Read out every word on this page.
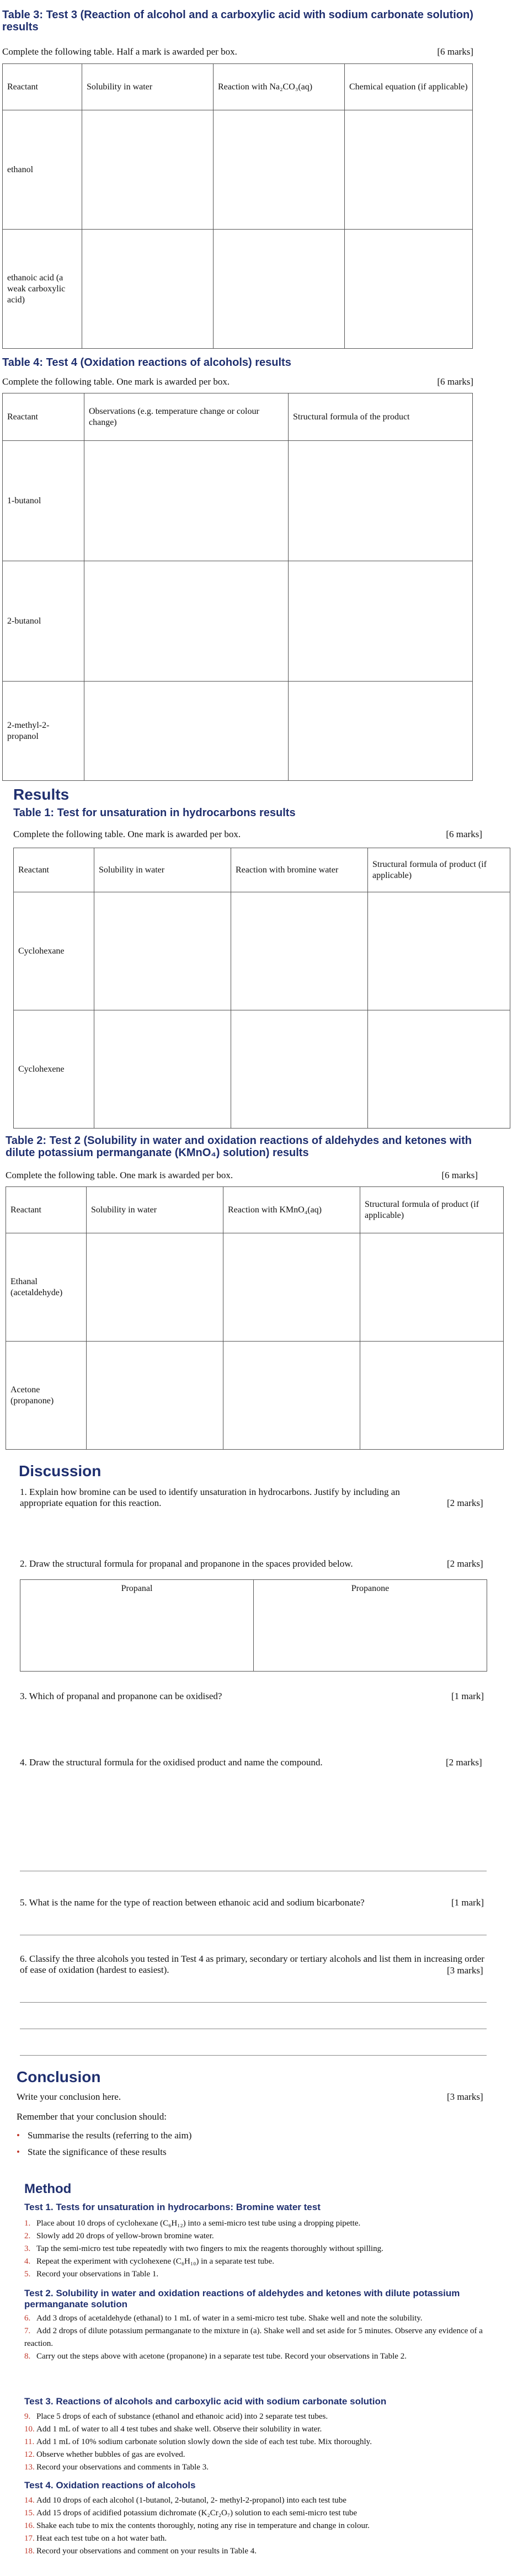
Table 3: Test 3 (Reaction of alcohol and a carboxylic acid with sodium carbonate solution) results
Complete the following table. Half a mark is awarded per box.	[6 marks]
Reactant	Solubility in water	Reaction with Na₂CO₃(aq)	Chemical equation (if applicable)
ethanol			
ethanoic acid (a weak carboxylic acid)			
Table 4: Test 4 (Oxidation reactions of alcohols) results
Complete the following table. One mark is awarded per box.	[6 marks]
Reactant	Observations (e.g. temperature change or colour change)	Structural formula of the product
1-butanol		
2-butanol		
2-methyl-2-propanol		
Results
Table 1: Test for unsaturation in hydrocarbons results
Complete the following table. One mark is awarded per box.	[6 marks]
Reactant	Solubility in water	Reaction with bromine water	Structural formula of product (if applicable)
Cyclohexane			
Cyclohexene			
Table 2: Test 2 (Solubility in water and oxidation reactions of aldehydes and ketones with dilute potassium permanganate (KMnO₄) solution) results
Complete the following table. One mark is awarded per box.	[6 marks]
Reactant	Solubility in water	Reaction with KMnO₄(aq)	Structural formula of product (if applicable)
Ethanal (acetaldehyde)			
Acetone (propanone)			
Discussion
1. Explain how bromine can be used to identify unsaturation in hydrocarbons. Justify by including an appropriate equation for this reaction.	[2 marks]
2. Draw the structural formula for propanal and propanone in the spaces provided below.	[2 marks]
Propanal	Propanone
3. Which of propanal and propanone can be oxidised?	[1 mark]
4. Draw the structural formula for the oxidised product and name the compound.	[2 marks]
5. What is the name for the type of reaction between ethanoic acid and sodium bicarbonate?	[1 mark]
6. Classify the three alcohols you tested in Test 4 as primary, secondary or tertiary alcohols and list them in increasing order of ease of oxidation (hardest to easiest).	[3 marks]
Conclusion
Write your conclusion here.	[3 marks]
Remember that your conclusion should:
• Summarise the results (referring to the aim)
• State the significance of these results
Method
Test 1. Tests for unsaturation in hydrocarbons: Bromine water test
1. Place about 10 drops of cyclohexane (C₆H₁₂) into a semi-micro test tube using a dropping pipette.
2. Slowly add 20 drops of yellow-brown bromine water.
3. Tap the semi-micro test tube repeatedly with two fingers to mix the reagents thoroughly without spilling.
4. Repeat the experiment with cyclohexene (C₆H₁₀) in a separate test tube.
5. Record your observations in Table 1.
Test 2. Solubility in water and oxidation reactions of aldehydes and ketones with dilute potassium permanganate solution
6. Add 3 drops of acetaldehyde (ethanal) to 1 mL of water in a semi-micro test tube. Shake well and note the solubility.
7. Add 2 drops of dilute potassium permanganate to the mixture in (a). Shake well and set aside for 5 minutes. Observe any evidence of a reaction.
8. Carry out the steps above with acetone (propanone) in a separate test tube. Record your observations in Table 2.
Test 3. Reactions of alcohols and carboxylic acid with sodium carbonate solution
9. Place 5 drops of each of substance (ethanol and ethanoic acid) into 2 separate test tubes.
10. Add 1 mL of water to all 4 test tubes and shake well. Observe their solubility in water.
11. Add 1 mL of 10% sodium carbonate solution slowly down the side of each test tube. Mix thoroughly.
12. Observe whether bubbles of gas are evolved.
13. Record your observations and comments in Table 3.
Test 4. Oxidation reactions of alcohols
14. Add 10 drops of each alcohol (1-butanol, 2-butanol, 2- methyl-2-propanol) into each test tube
15. Add 15 drops of acidified potassium dichromate (K₂Cr₂O₇) solution to each semi-micro test tube
16. Shake each tube to mix the contents thoroughly, noting any rise in temperature and change in colour.
17. Heat each test tube on a hot water bath.
18. Record your observations and comment on your results in Table 4.
